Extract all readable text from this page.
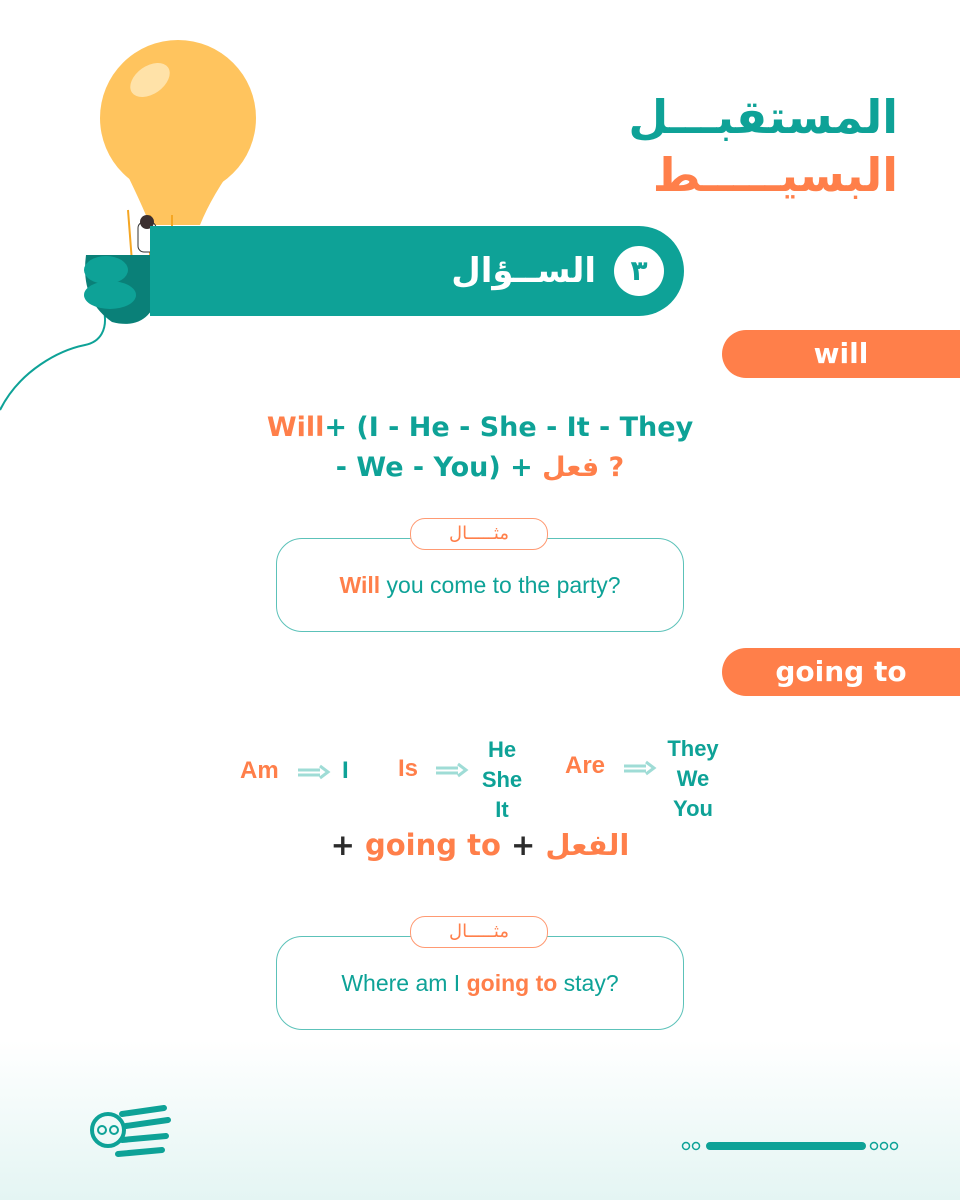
المستقبـــل
البسيـــــط
الســؤال	٣
will
Will+ (I - He - She - It - They
- We - You) + فعل ?
Will you come to the party?
مثـــــال
going to
Am	I Is
He
She
It
Are
They
We
You
+ going to + الفعل
Where am I going to stay?
مثـــــال
